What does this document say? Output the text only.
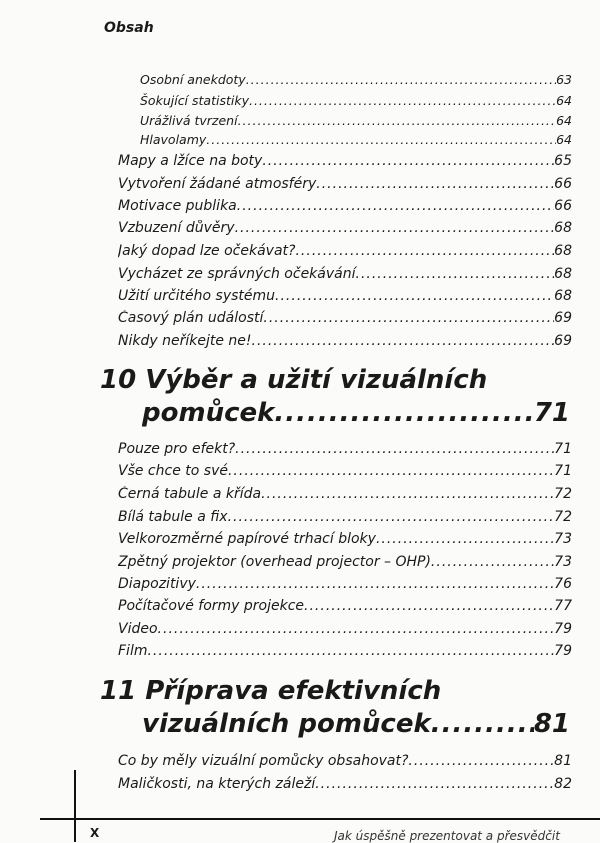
Obsah
Osobní anekdoty .....	63
Šokující statistiky .....	64
Urážlivá tvrzení .....	64
Hlavolamy .....	64
Mapy a lžíce na boty .....	65
Vytvoření žádané atmosféry .....	66
Motivace publika .....	66
Vzbuzení důvěry .....	68
Jaký dopad lze očekávat? .....	68
Vycházet ze správných očekávání .....	68
Užití určitého systému .....	68
Časový plán událostí .....	69
Nikdy neříkejte ne! .....	69
10 Výběr a užití vizuálních
pomůcek .....	71
Pouze pro efekt? .....	71
Vše chce to své .....	71
Černá tabule a křída .....	72
Bílá tabule a fix .....	72
Velkorozměrné papírové trhací bloky .....	73
Zpětný projektor (overhead projector – OHP) .....	73
Diapozitivy .....	76
Počítačové formy projekce .....	77
Video .....	79
Film .....	79
11 Příprava efektivních
vizuálních pomůcek .....	81
Co by měly vizuální pomůcky obsahovat? .....	81
Maličkosti, na kterých záleží .....	82
X	Jak úspěšně prezentovat a přesvědčit
